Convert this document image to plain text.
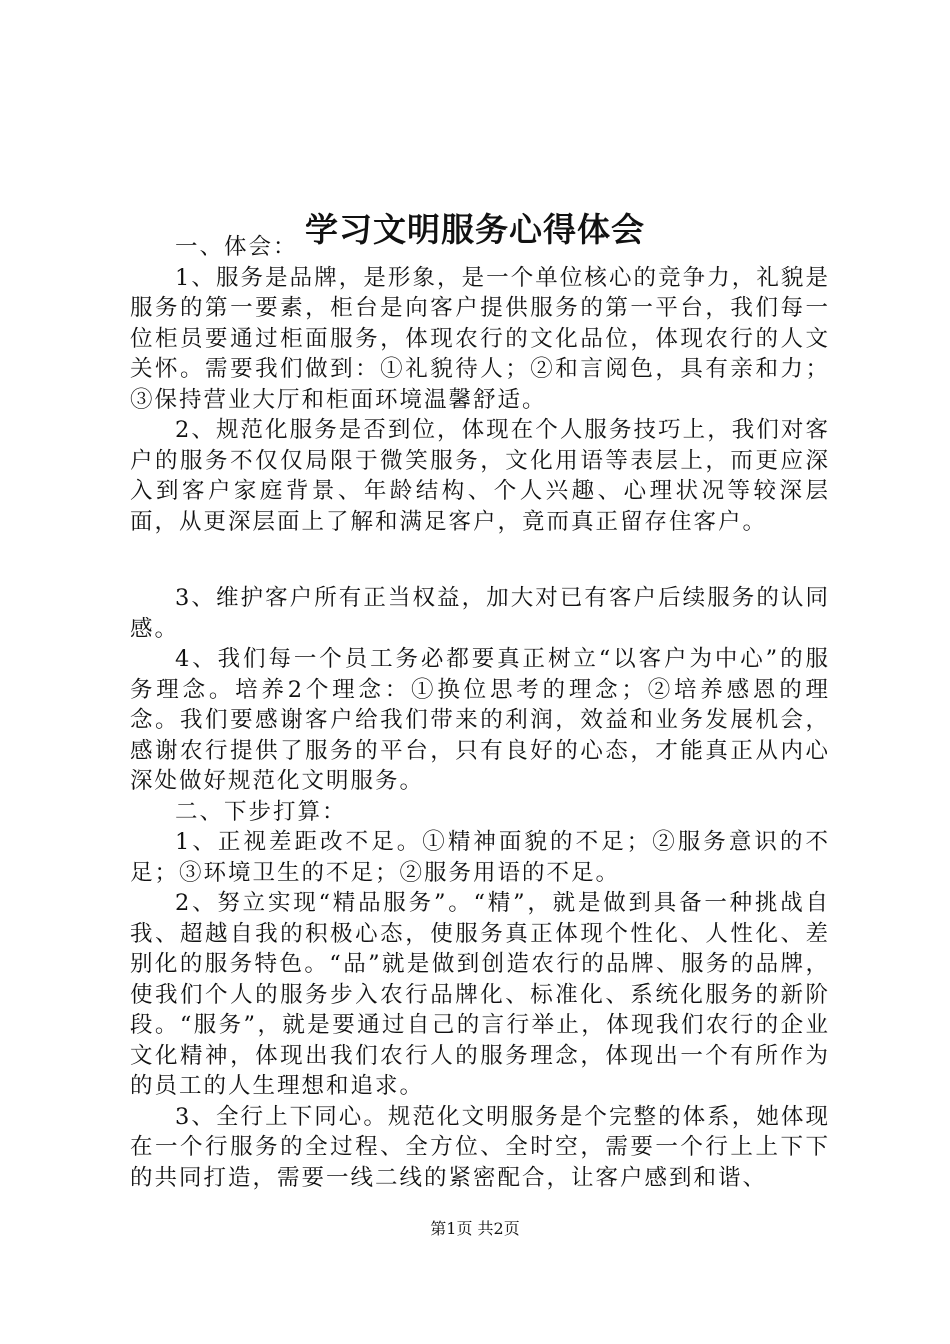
学习文明服务心得体会

一、体会：

1、服务是品牌，是形象，是一个单位核心的竞争力，礼貌是服务的第一要素，柜台是向客户提供服务的第一平台，我们每一位柜员要通过柜面服务，体现农行的文化品位，体现农行的人文关怀。需要我们做到：①礼貌待人；②和言阅色，具有亲和力；③保持营业大厅和柜面环境温馨舒适。

2、规范化服务是否到位，体现在个人服务技巧上，我们对客户的服务不仅仅局限于微笑服务，文化用语等表层上，而更应深入到客户家庭背景、年龄结构、个人兴趣、心理状况等较深层面，从更深层面上了解和满足客户，竟而真正留存住客户。

3、维护客户所有正当权益，加大对已有客户后续服务的认同感。

4、我们每一个员工务必都要真正树立“以客户为中心”的服务理念。培养2个理念：①换位思考的理念；②培养感恩的理念。我们要感谢客户给我们带来的利润，效益和业务发展机会，感谢农行提供了服务的平台，只有良好的心态，才能真正从内心深处做好规范化文明服务。

二、下步打算：

1、正视差距改不足。①精神面貌的不足；②服务意识的不足；③环境卫生的不足；②服务用语的不足。

2、努立实现“精品服务”。“精”，就是做到具备一种挑战自我、超越自我的积极心态，使服务真正体现个性化、人性化、差别化的服务特色。“品”就是做到创造农行的品牌、服务的品牌，使我们个人的服务步入农行品牌化、标准化、系统化服务的新阶段。“服务”，就是要通过自己的言行举止，体现我们农行的企业文化精神，体现出我们农行人的服务理念，体现出一个有所作为的员工的人生理想和追求。

3、全行上下同心。规范化文明服务是个完整的体系，她体现在一个行服务的全过程、全方位、全时空，需要一个行上上下下的共同打造，需要一线二线的紧密配合，让客户感到和谐、

第1页 共2页
